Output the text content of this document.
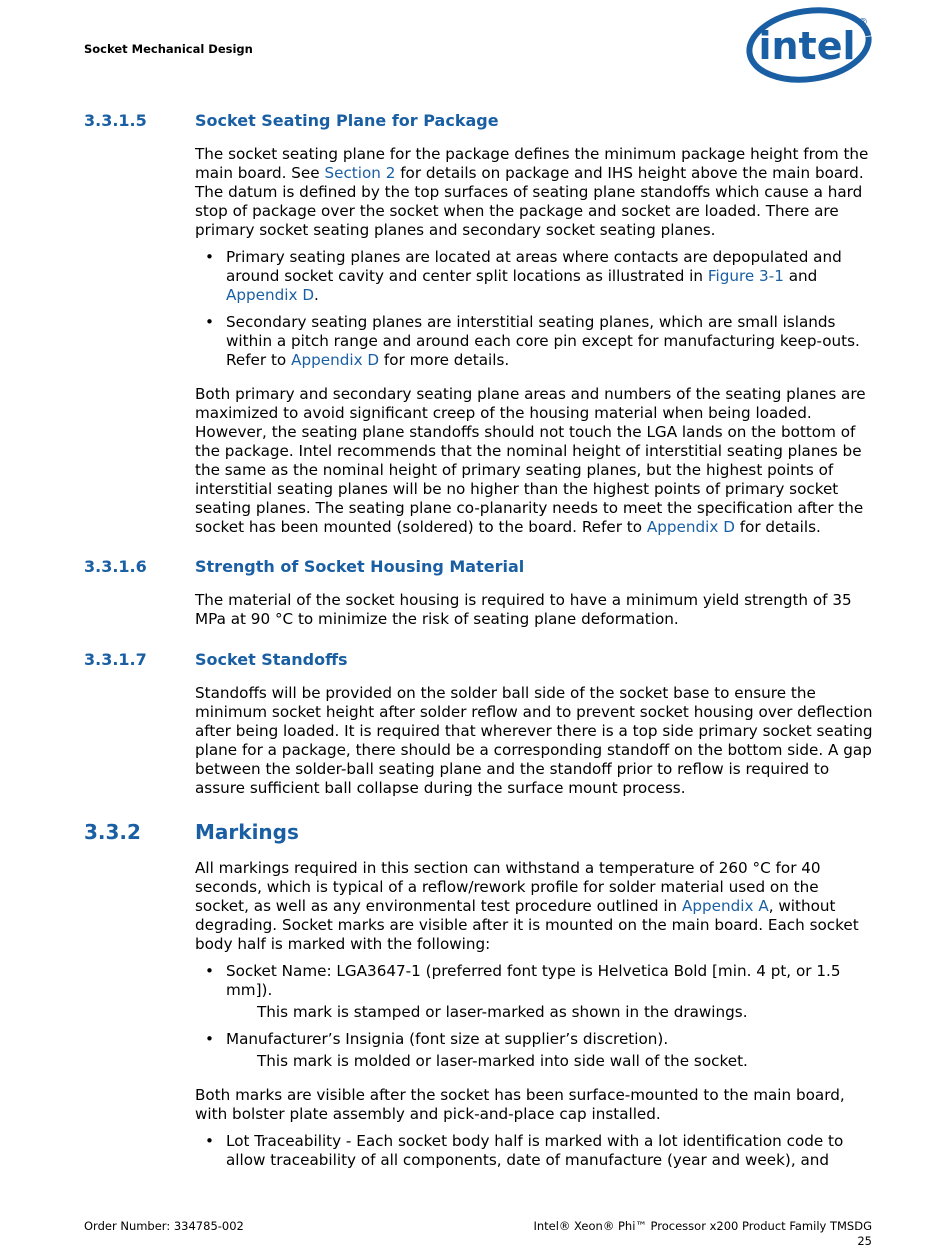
Socket Mechanical Design	intel
®
3.3.1.5	Socket Seating Plane for Package

The socket seating plane for the package defines the minimum package height from the main board. See Section 2 for details on package and IHS height above the main board. The datum is defined by the top surfaces of seating plane standoffs which cause a hard stop of package over the socket when the package and socket are loaded. There are primary socket seating planes and secondary socket seating planes.

• Primary seating planes are located at areas where contacts are depopulated and around socket cavity and center split locations as illustrated in Figure 3-1 and Appendix D.
• Secondary seating planes are interstitial seating planes, which are small islands within a pitch range and around each core pin except for manufacturing keep-outs. Refer to Appendix D for more details.

Both primary and secondary seating plane areas and numbers of the seating planes are maximized to avoid significant creep of the housing material when being loaded. However, the seating plane standoffs should not touch the LGA lands on the bottom of the package. Intel recommends that the nominal height of interstitial seating planes be the same as the nominal height of primary seating planes, but the highest points of interstitial seating planes will be no higher than the highest points of primary socket seating planes. The seating plane co-planarity needs to meet the specification after the socket has been mounted (soldered) to the board. Refer to Appendix D for details.

3.3.1.6	Strength of Socket Housing Material

The material of the socket housing is required to have a minimum yield strength of 35 MPa at 90 °C to minimize the risk of seating plane deformation.

3.3.1.7	Socket Standoffs

Standoffs will be provided on the solder ball side of the socket base to ensure the minimum socket height after solder reflow and to prevent socket housing over deflection after being loaded. It is required that wherever there is a top side primary socket seating plane for a package, there should be a corresponding standoff on the bottom side. A gap between the solder-ball seating plane and the standoff prior to reflow is required to assure sufficient ball collapse during the surface mount process.

3.3.2	Markings

All markings required in this section can withstand a temperature of 260 °C for 40 seconds, which is typical of a reflow/rework profile for solder material used on the socket, as well as any environmental test procedure outlined in Appendix A, without degrading. Socket marks are visible after it is mounted on the main board. Each socket body half is marked with the following:

• Socket Name: LGA3647-1 (preferred font type is Helvetica Bold [min. 4 pt, or 1.5 mm]).
This mark is stamped or laser-marked as shown in the drawings.
• Manufacturer’s Insignia (font size at supplier’s discretion).
This mark is molded or laser-marked into side wall of the socket.

Both marks are visible after the socket has been surface-mounted to the main board, with bolster plate assembly and pick-and-place cap installed.

• Lot Traceability - Each socket body half is marked with a lot identification code to allow traceability of all components, date of manufacture (year and week), and
Order Number: 334785-002	Intel® Xeon® Phi™ Processor x200 Product Family TMSDG
25
